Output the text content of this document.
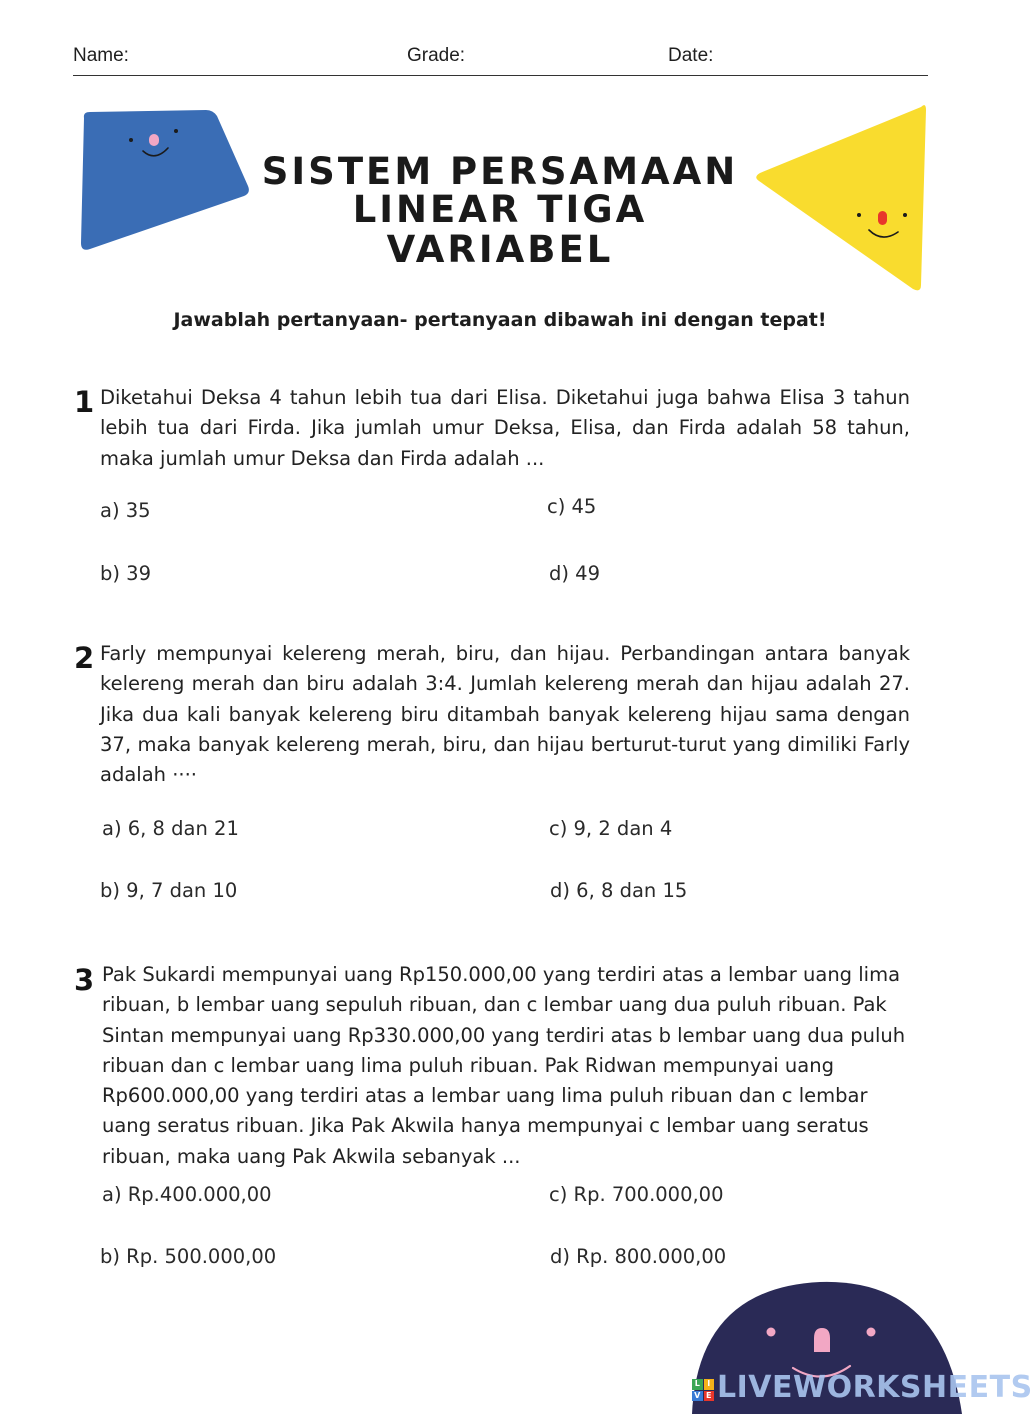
Name:	Grade:	Date:
SISTEM PERSAMAAN
LINEAR TIGA VARIABEL
Jawablah pertanyaan- pertanyaan dibawah ini dengan tepat!
1 Diketahui Deksa 4 tahun lebih tua dari Elisa. Diketahui juga bahwa Elisa 3 tahun lebih tua dari Firda. Jika jumlah umur Deksa, Elisa, dan Firda adalah 58 tahun, maka jumlah umur Deksa dan Firda adalah ...
a) 35	c) 45
b) 39	d) 49
2 Farly mempunyai kelereng merah, biru, dan hijau. Perbandingan antara banyak kelereng merah dan biru adalah 3:4. Jumlah kelereng merah dan hijau adalah 27. Jika dua kali banyak kelereng biru ditambah banyak kelereng hijau sama dengan 37, maka banyak kelereng merah, biru, dan hijau berturut-turut yang dimiliki Farly adalah ····
a) 6, 8 dan 21	c) 9, 2 dan 4
b) 9, 7 dan 10	d) 6, 8 dan 15
3 Pak Sukardi mempunyai uang Rp150.000,00 yang terdiri atas a lembar uang lima ribuan, b lembar uang sepuluh ribuan, dan c lembar uang dua puluh ribuan. Pak Sintan mempunyai uang Rp330.000,00 yang terdiri atas b lembar uang dua puluh ribuan dan c lembar uang lima puluh ribuan. Pak Ridwan mempunyai uang Rp600.000,00 yang terdiri atas a lembar uang lima puluh ribuan dan c lembar uang seratus ribuan. Jika Pak Akwila hanya mempunyai c lembar uang seratus ribuan, maka uang Pak Akwila sebanyak ...
a) Rp.400.000,00	c) Rp. 700.000,00
b) Rp. 500.000,00	d) Rp. 800.000,00
L I
V E LIVEWORKSHEETS
